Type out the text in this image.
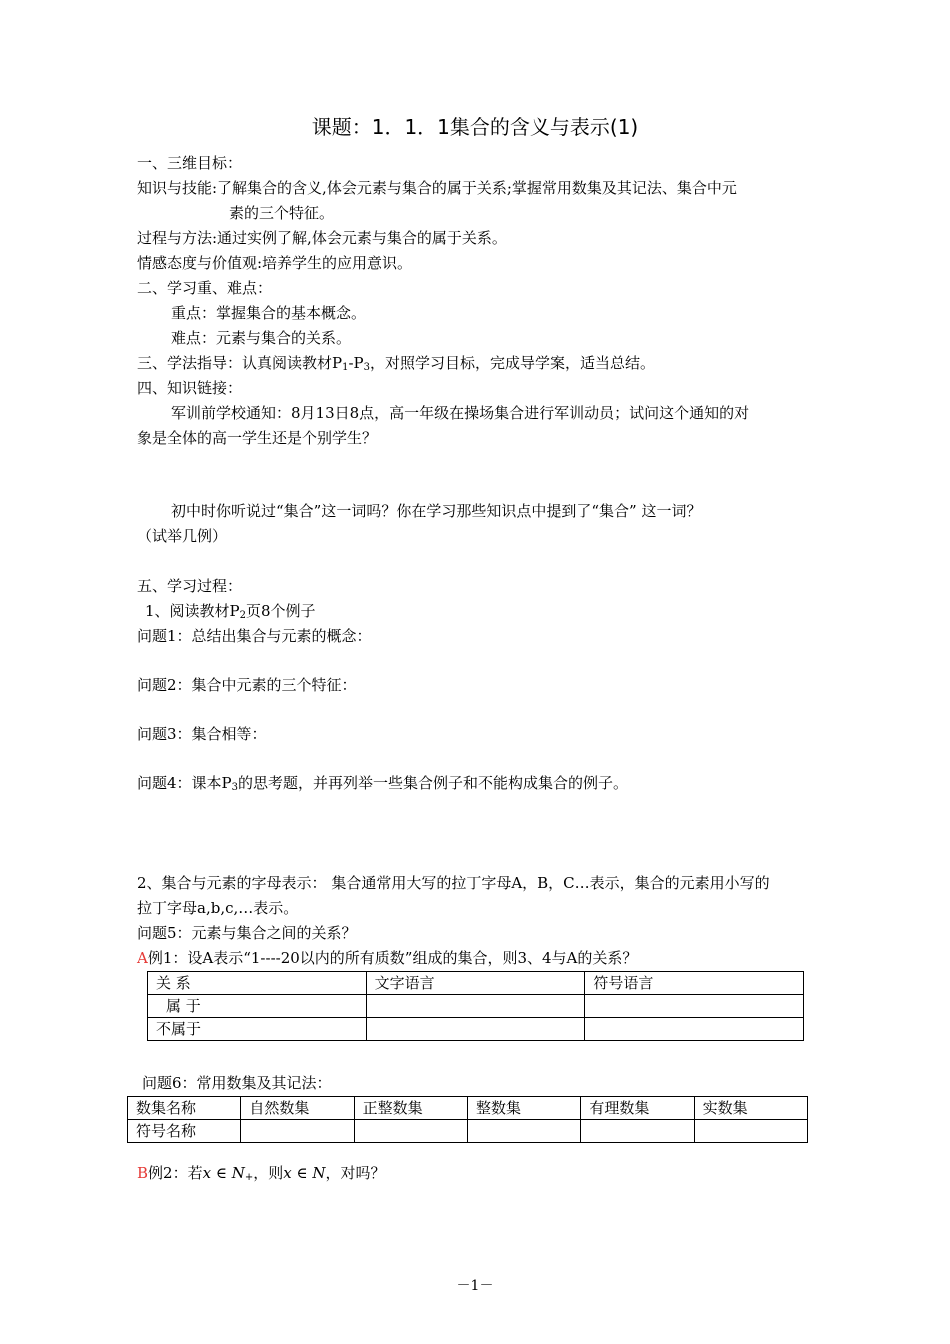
课题：1．1．1集合的含义与表示(1)
一、三维目标：
知识与技能:了解集合的含义,体会元素与集合的属于关系;掌握常用数集及其记法、集合中元
素的三个特征。
过程与方法:通过实例了解,体会元素与集合的属于关系。
情感态度与价值观:培养学生的应用意识。
二、学习重、难点：
重点：掌握集合的基本概念。
难点：元素与集合的关系。
三、学法指导：认真阅读教材$P_1-P_3$，对照学习目标，完成导学案，适当总结。
四、知识链接：
军训前学校通知：8月13日8点，高一年级在操场集合进行军训动员；试问这个通知的对
象是全体的高一学生还是个别学生？
初中时你听说过“集合”这一词吗？你在学习那些知识点中提到了“集合” 这一词？
（试举几例）
五、学习过程：
1、阅读教材$P_2$页8个例子
问题1：总结出集合与元素的概念：
问题2：集合中元素的三个特征：
问题3：集合相等：
问题4：课本$P_3$的思考题，并再列举一些集合例子和不能构成集合的例子。
2、集合与元素的字母表示： 集合通常用大写的拉丁字母A，B，C…表示，集合的元素用小写的
拉丁字母a,b,c,…表示。
问题5：元素与集合之间的关系？
A例1：设A表示“1----20以内的所有质数”组成的集合，则3、4与A的关系？
关 系	文字语言	符号语言
属 于		
不属于		
问题6：常用数集及其记法：
数集名称	自然数集	正整数集	整数集	有理数集	实数集
符号名称					
B例2：若x ∈ $N_+$，则x ∈ N，对吗？
－1－
